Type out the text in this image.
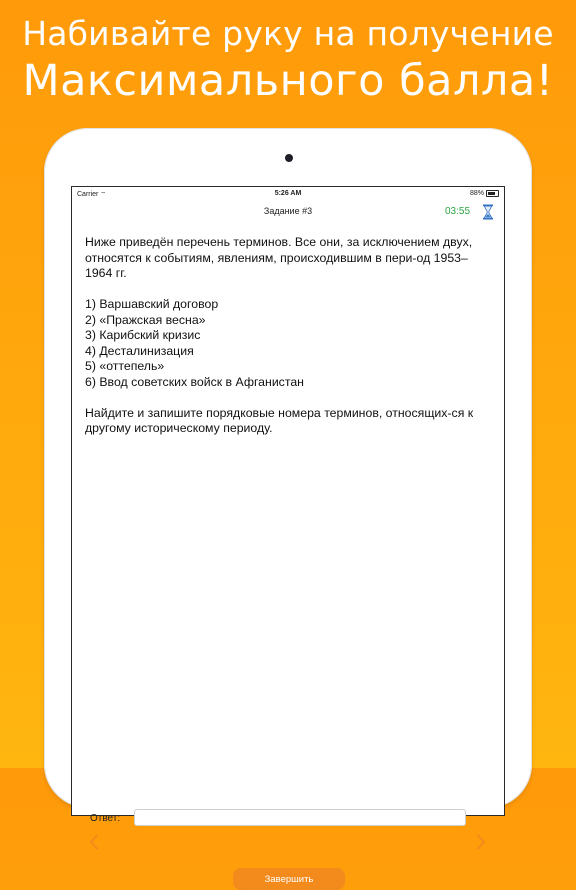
Набивайте руку на получение
Максимального балла!
Carrier ⌔	5:26 AM	88%
Задание #3	03:55

Ниже приведён перечень терминов. Все они, за исключением двух, относятся к событиям, явлениям, происходившим в пери-од 1953–1964 гг.

1) Варшавский договор

2) «Пражская весна»

3) Карибский кризис

4) Десталинизация

5) «оттепель»

6) Ввод советских войск в Афганистан

Найдите и запишите порядковые номера терминов, относящих-ся к другому историческому периоду.

Ответ:
Завершить
